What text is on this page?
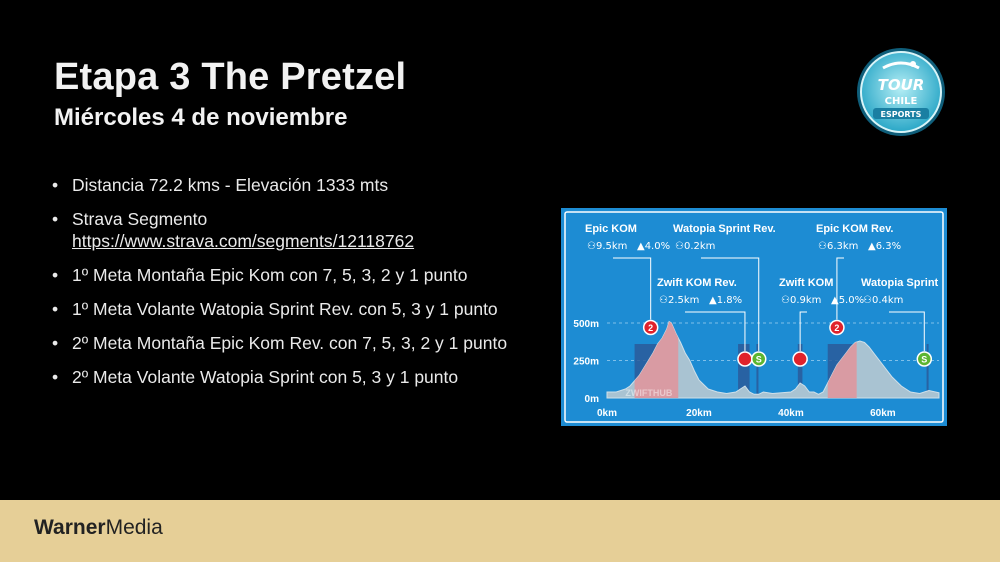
Etapa 3 The Pretzel
Miércoles 4 de noviembre
TOUR
CHILE
ESPORTS
• Distancia 72.2 kms - Elevación 1333 mts
• Strava Segmento https://www.strava.com/segments/12118762
• 1º Meta Montaña Epic Kom con 7, 5, 3, 2 y 1 punto
• 1º Meta Volante Watopia Sprint Rev. con 5, 3 y 1 punto
• 2º Meta Montaña Epic Kom Rev. con 7, 5, 3, 2 y 1 punto
• 2º Meta Volante Watopia Sprint con 5, 3 y 1 punto
0m
250m
500m
0km	20km	40km	60km
ZWIFTHUB
Epic KOM
⚇9.5km ▲4.0%
2
Zwift KOM Rev.
⚇2.5km ▲1.8%
Watopia Sprint Rev.
⚇0.2km
S
Zwift KOM
⚇0.9km ▲5.0%
Epic KOM Rev.
⚇6.3km ▲6.3%
2
Watopia Sprint
⚇0.4km
S
WarnerMedia
